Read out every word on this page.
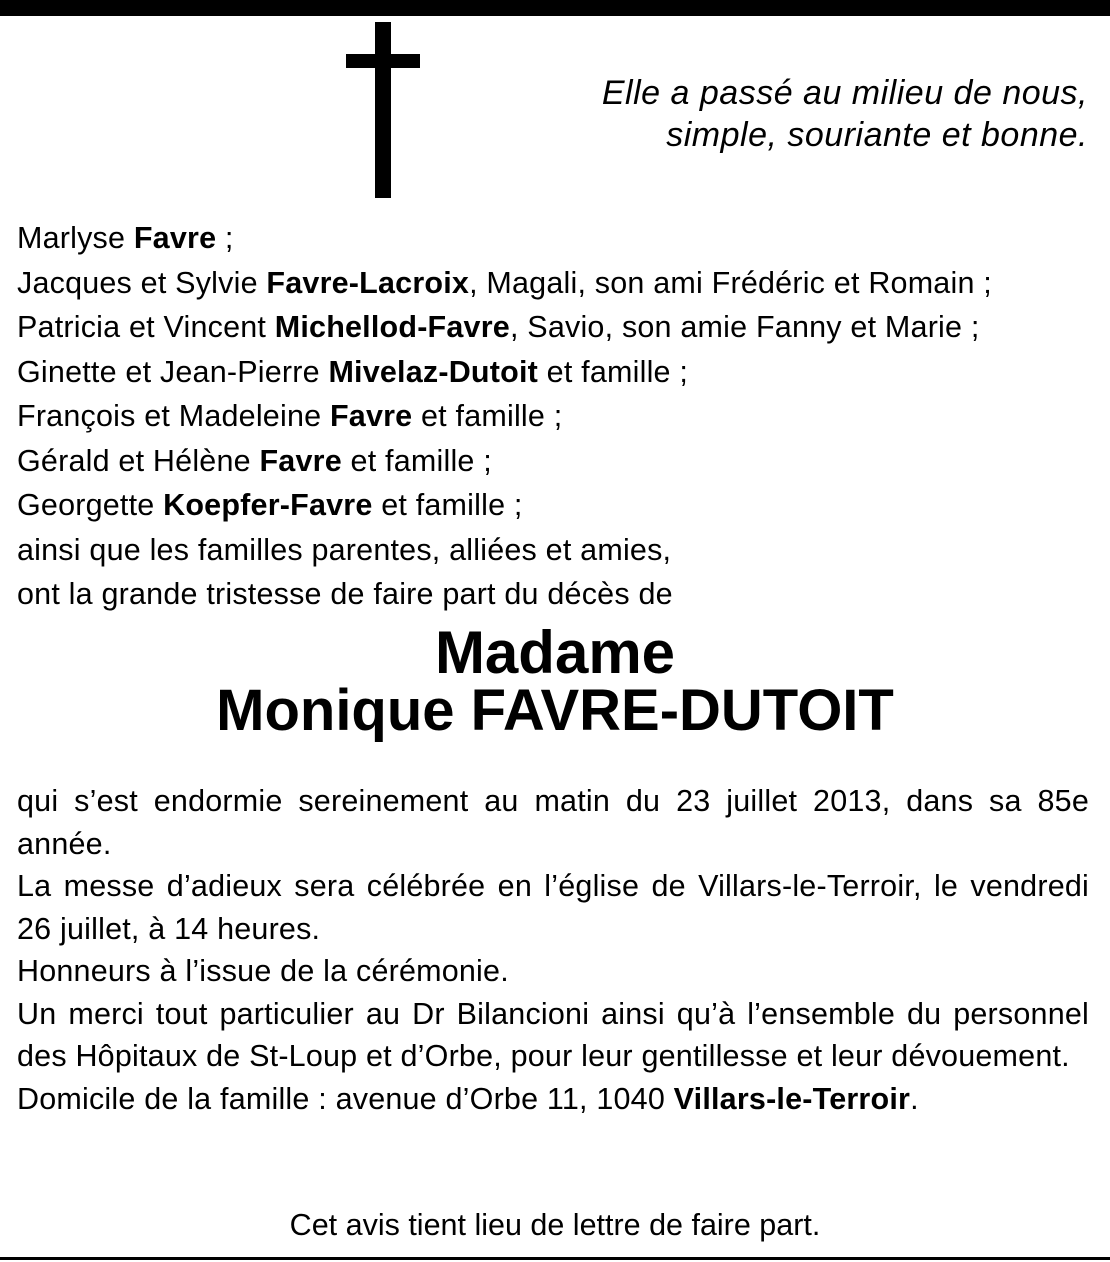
Elle a passé au milieu de nous,
simple, souriante et bonne.
Marlyse Favre ;
Jacques et Sylvie Favre-Lacroix, Magali, son ami Frédéric et Romain ;
Patricia et Vincent Michellod-Favre, Savio, son amie Fanny et Marie ;
Ginette et Jean-Pierre Mivelaz-Dutoit et famille ;
François et Madeleine Favre et famille ;
Gérald et Hélène Favre et famille ;
Georgette Koepfer-Favre et famille ;
ainsi que les familles parentes, alliées et amies,
ont la grande tristesse de faire part du décès de
Madame
Monique FAVRE-DUTOIT

qui s’est endormie sereinement au matin du 23 juillet 2013, dans sa 85e année.

La messe d’adieux sera célébrée en l’église de Villars-le-Terroir, le vendredi 26 juillet, à 14 heures.

Honneurs à l’issue de la cérémonie.

Un merci tout particulier au Dr Bilancioni ainsi qu’à l’ensemble du personnel des Hôpitaux de St-Loup et d’Orbe, pour leur gentillesse et leur dévouement.

Domicile de la famille : avenue d’Orbe 11, 1040 Villars-le-Terroir.

Cet avis tient lieu de lettre de faire part.
